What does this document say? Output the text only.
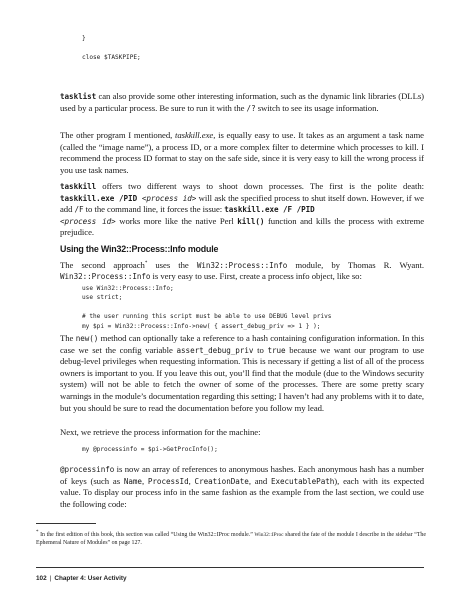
}

close $TASKPIPE;

tasklist can also provide some other interesting information, such as the dynamic link libraries (DLLs) used by a particular process. Be sure to run it with the /? switch to see its usage information.

The other program I mentioned, taskkill.exe, is equally easy to use. It takes as an argument a task name (called the “image name”), a process ID, or a more complex filter to determine which processes to kill. I recommend the process ID format to stay on the safe side, since it is very easy to kill the wrong process if you use task names.

taskkill offers two different ways to shoot down processes. The first is the polite death: taskkill.exe /PID <process id> will ask the specified process to shut itself down. However, if we add /F to the command line, it forces the issue: taskkill.exe /F /PID
<process id> works more like the native Perl kill() function and kills the process with extreme prejudice.

Using the Win32::Process::Info module

The second approach* uses the Win32::Process::Info module, by Thomas R. Wyant. Win32::Process::Info is very easy to use. First, create a process info object, like so:

use Win32::Process::Info;
use strict;

# the user running this script must be able to use DEBUG level privs
my $pi = Win32::Process::Info->new( { assert_debug_priv => 1 } );

The new() method can optionally take a reference to a hash containing configuration information. In this case we set the config variable assert_debug_priv to true because we want our program to use debug-level privileges when requesting information. This is necessary if getting a list of all of the process owners is important to you. If you leave this out, you’ll find that the module (due to the Windows security system) will not be able to fetch the owner of some of the processes. There are some pretty scary warnings in the module’s documentation regarding this setting; I haven’t had any problems with it to date, but you should be sure to read the documentation before you follow my lead.

Next, we retrieve the process information for the machine:

my @processinfo = $pi->GetProcInfo();

@processinfo is now an array of references to anonymous hashes. Each anonymous hash has a number of keys (such as Name, ProcessId, CreationDate, and ExecutablePath), each with its expected value. To display our process info in the same fashion as the example from the last section, we could use the following code:

* In the first edition of this book, this section was called “Using the Win32::IProc module.” Win32::IProc shared the fate of the module I describe in the sidebar “The Ephemeral Nature of Modules” on page 127.

102 | Chapter 4: User Activity
